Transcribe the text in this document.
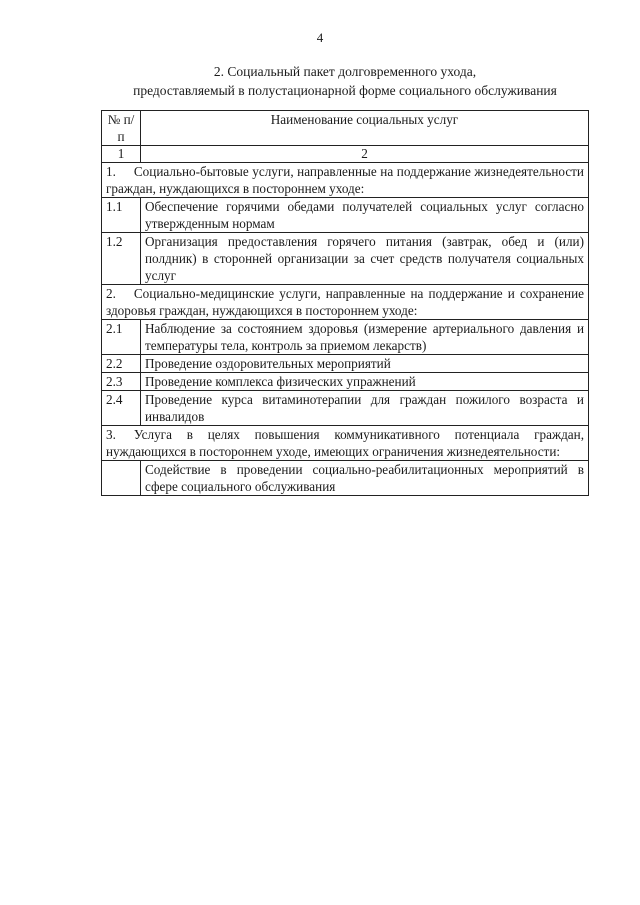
4
2. Социальный пакет долговременного ухода,
предоставляемый в полустационарной форме социального обслуживания
№ п/п	Наименование социальных услуг
1	2
1. Социально-бытовые услуги, направленные на поддержание жизнедеятельности граждан, нуждающихся в постороннем уходе:	
1.1	Обеспечение горячими обедами получателей социальных услуг согласно утвержденным нормам
1.2	Организация предоставления горячего питания (завтрак, обед и (или) полдник) в сторонней организации за счет средств получателя социальных услуг
2. Социально-медицинские услуги, направленные на поддержание и сохранение здоровья граждан, нуждающихся в постороннем уходе:	
2.1	Наблюдение за состоянием здоровья (измерение артериального давления и температуры тела, контроль за приемом лекарств)
2.2	Проведение оздоровительных мероприятий
2.3	Проведение комплекса физических упражнений
2.4	Проведение курса витаминотерапии для граждан пожилого возраста и инвалидов
3. Услуга в целях повышения коммуникативного потенциала граждан, нуждающихся в постороннем уходе, имеющих ограничения жизнедеятельности:	
	Содействие в проведении социально-реабилитационных мероприятий в сфере социального обслуживания
